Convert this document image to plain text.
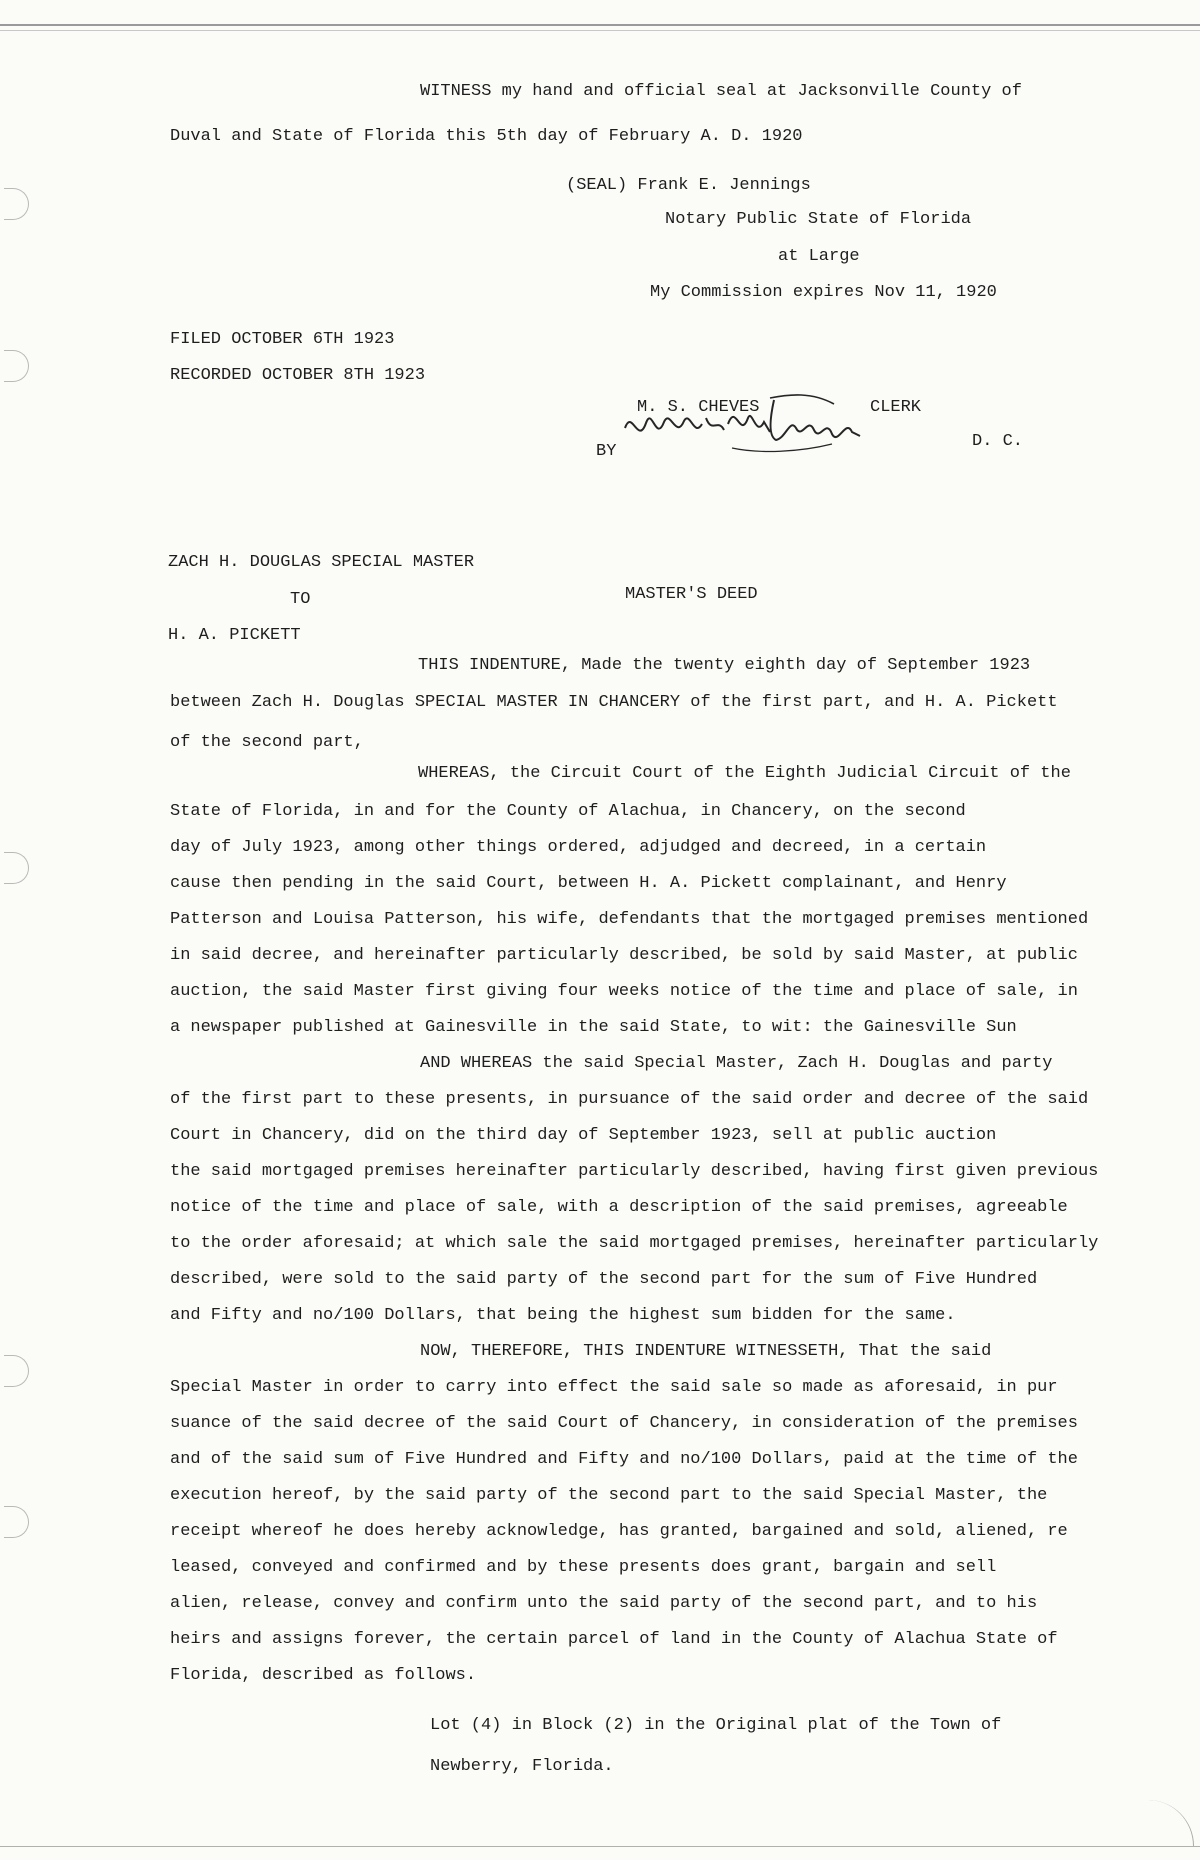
WITNESS my hand and official seal at Jacksonville County of
Duval and State of Florida this 5th day of February A. D. 1920
(SEAL) Frank E. Jennings
Notary Public State of Florida
at Large
My Commission expires Nov 11, 1920
FILED OCTOBER 6TH 1923
RECORDED OCTOBER 8TH 1923
M. S. CHEVES	CLERK
BY
D. C.
ZACH H. DOUGLAS SPECIAL MASTER
TO	MASTER'S DEED
H. A. PICKETT
THIS INDENTURE, Made the twenty eighth day of September 1923
between Zach H. Douglas SPECIAL MASTER IN CHANCERY of the first part, and H. A. Pickett
of the second part,
WHEREAS, the Circuit Court of the Eighth Judicial Circuit of the
State of Florida, in and for the County of Alachua, in Chancery, on the second
day of July 1923, among other things ordered, adjudged and decreed, in a certain
cause then pending in the said Court, between H. A. Pickett complainant, and Henry
Patterson and Louisa Patterson, his wife, defendants that the mortgaged premises mentioned
in said decree, and hereinafter particularly described, be sold by said Master, at public
auction, the said Master first giving four weeks notice of the time and place of sale, in
a newspaper published at Gainesville in the said State, to wit: the Gainesville Sun
AND WHEREAS the said Special Master, Zach H. Douglas and party
of the first part to these presents, in pursuance of the said order and decree of the said
Court in Chancery, did on the third day of September 1923, sell at public auction
the said mortgaged premises hereinafter particularly described, having first given previous
notice of the time and place of sale, with a description of the said premises, agreeable
to the order aforesaid; at which sale the said mortgaged premises, hereinafter particularly
described, were sold to the said party of the second part for the sum of Five Hundred
and Fifty and no/100 Dollars, that being the highest sum bidden for the same.
NOW, THEREFORE, THIS INDENTURE WITNESSETH, That the said
Special Master in order to carry into effect the said sale so made as aforesaid, in pur
suance of the said decree of the said Court of Chancery, in consideration of the premises
and of the said sum of Five Hundred and Fifty and no/100 Dollars, paid at the time of the
execution hereof, by the said party of the second part to the said Special Master, the
receipt whereof he does hereby acknowledge, has granted, bargained and sold, aliened, re
leased, conveyed and confirmed and by these presents does grant, bargain and sell
alien, release, convey and confirm unto the said party of the second part, and to his
heirs and assigns forever, the certain parcel of land in the County of Alachua State of
Florida, described as follows.
Lot (4) in Block (2) in the Original plat of the Town of
Newberry, Florida.
